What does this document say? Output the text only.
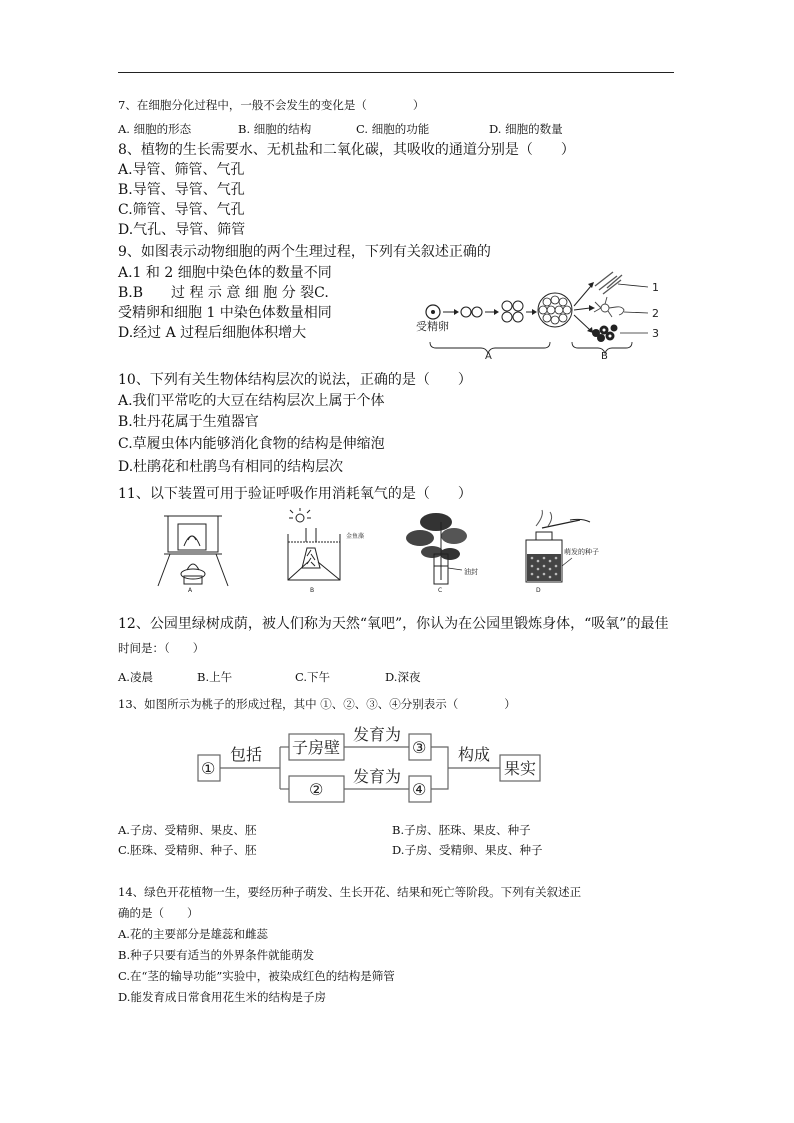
7、在细胞分化过程中，一般不会发生的变化是（　　　　）
A. 细胞的形态	B. 细胞的结构	C. 细胞的功能	D. 细胞的数量
8、植物的生长需要水、无机盐和二氧化碳，其吸收的通道分别是（　　）
A.导管、筛管、气孔
B.导管、导管、气孔
C.筛管、导管、气孔
D.气孔、导管、筛管
9、如图表示动物细胞的两个生理过程，下列有关叙述正确的
A.1 和 2 细胞中染色体的数量不同
B.B　　过 程 示 意 细 胞 分 裂C.
受精卵和细胞 1 中染色体数量相同
D.经过 A 过程后细胞体积增大	受精卵
1
2
3
A	B
10、下列有关生物体结构层次的说法，正确的是（　　）
A.我们平常吃的大豆在结构层次上属于个体
B.牡丹花属于生殖器官
C.草履虫体内能够消化食物的结构是伸缩泡
D.杜鹃花和杜鹃鸟有相同的结构层次
11、以下装置可用于验证呼吸作用消耗氧气的是（　　）
A
金鱼藻
B
油封
C
萌发的种子
D
12、公园里绿树成荫，被人们称为天然“氧吧”，你认为在公园里锻炼身体，“吸氧”的最佳
时间是：（　　）
A.凌晨	B.上午	C.下午	D.深夜
13、如图所示为桃子的形成过程，其中 ①、②、③、④分别表示（　　　　）
①
包括 子房壁
发育为
③ 构成
果实
②
发育为
④
A.子房、受精卵、果皮、胚	B.子房、胚珠、果皮、种子
C.胚珠、受精卵、种子、胚	D.子房、受精卵、果皮、种子
14、绿色开花植物一生，要经历种子萌发、生长开花、结果和死亡等阶段。下列有关叙述正
确的是（　　）
A.花的主要部分是雄蕊和雌蕊
B.种子只要有适当的外界条件就能萌发
C.在“茎的输导功能”实验中，被染成红色的结构是筛管
D.能发育成日常食用花生米的结构是子房
